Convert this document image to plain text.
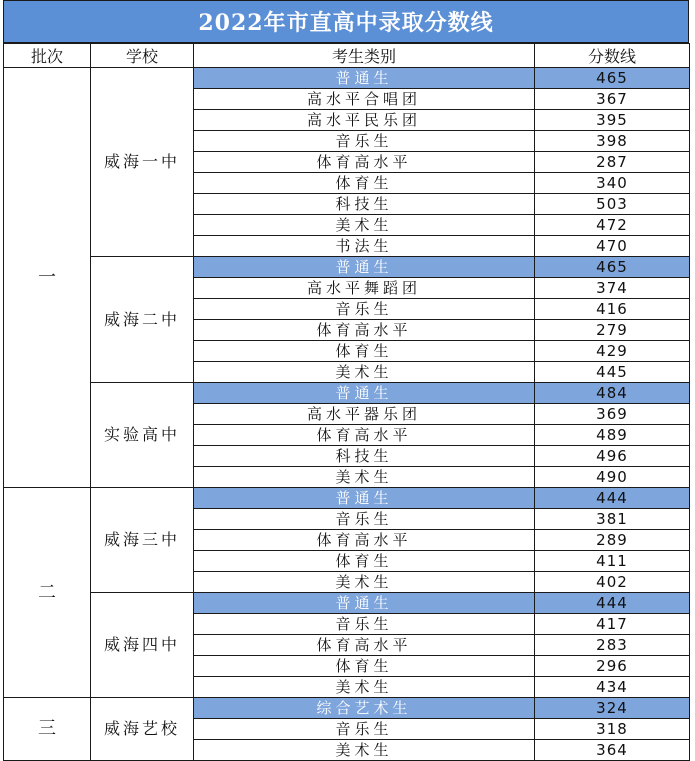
2022年市直高中录取分数线
批次	学校	考生类别	分数线
一	威海一中	普通生	465
		高水平合唱团	367
		高水平民乐团	395
		音乐生	398
		体育高水平	287
		体育生	340
		科技生	503
		美术生	472
		书法生	470
	威海二中	普通生	465
		高水平舞蹈团	374
		音乐生	416
		体育高水平	279
		体育生	429
		美术生	445
	实验高中	普通生	484
		高水平器乐团	369
		体育高水平	489
		科技生	496
		美术生	490
二	威海三中	普通生	444
		音乐生	381
		体育高水平	289
		体育生	411
		美术生	402
	威海四中	普通生	444
		音乐生	417
		体育高水平	283
		体育生	296
		美术生	434
三	威海艺校	综合艺术生	324
		音乐生	318
		美术生	364
